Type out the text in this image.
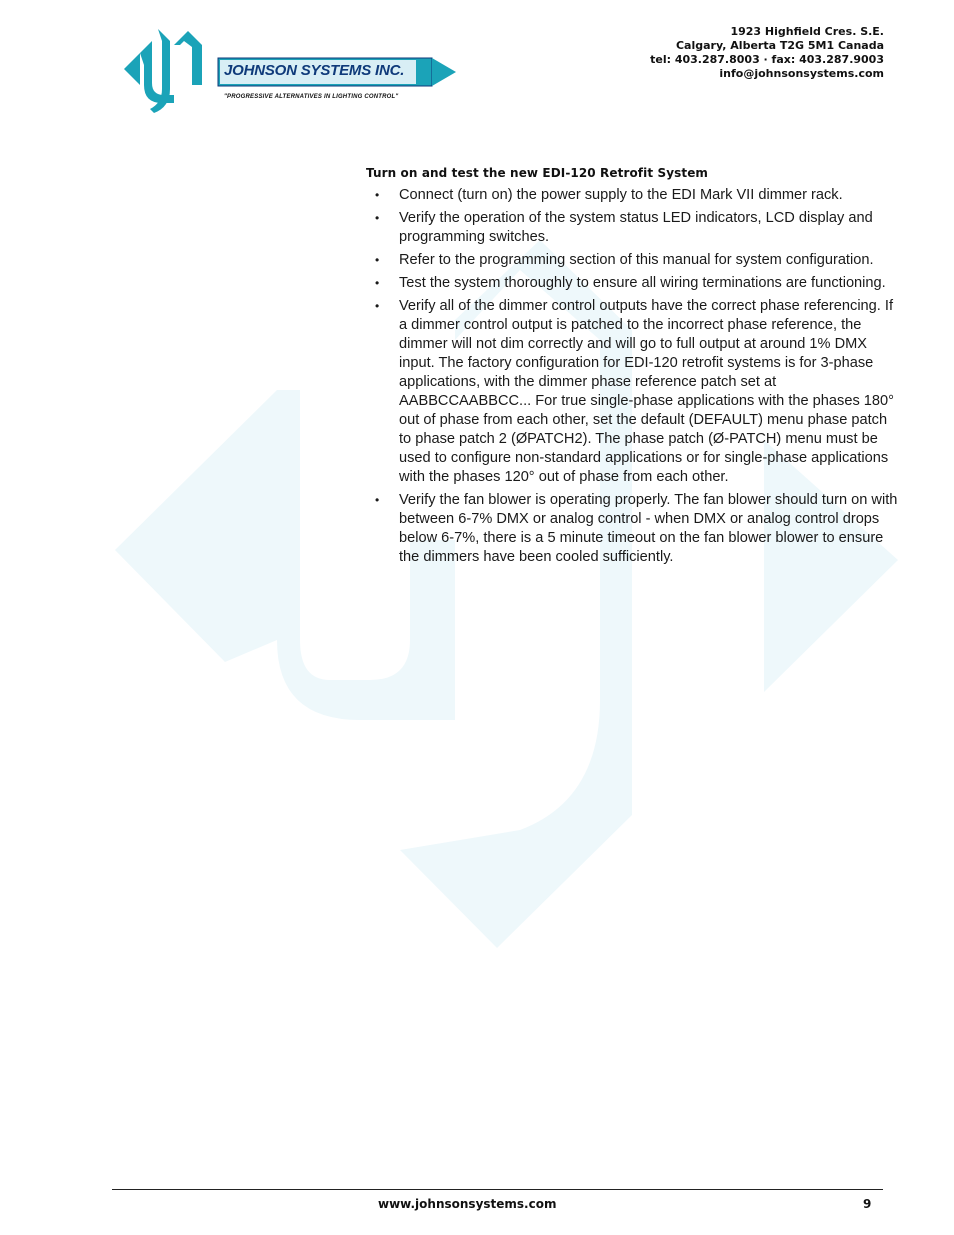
JOHNSON SYSTEMS INC.
"PROGRESSIVE ALTERNATIVES IN LIGHTING CONTROL"
1923 Highfield Cres. S.E.
Calgary, Alberta T2G 5M1 Canada
tel: 403.287.8003 · fax: 403.287.9003
info@johnsonsystems.com
Turn on and test the new EDI-120 Retrofit System
• Connect (turn on) the power supply to the EDI Mark VII dimmer rack.
• Verify the operation of the system status LED indicators, LCD display and programming switches.
• Refer to the programming section of this manual for system configuration.
• Test the system thoroughly to ensure all wiring terminations are functioning.
• Verify all of the dimmer control outputs have the correct phase referencing. If a dimmer control output is patched to the incorrect phase reference, the dimmer will not dim correctly and will go to full output at around 1% DMX input. The factory configuration for EDI-120 retrofit systems is for 3-phase applications, with the dimmer phase reference patch set at AABBCCAABBCC... For true single-phase applications with the phases 180° out of phase from each other, set the default (DEFAULT) menu phase patch to phase patch 2 (ØPATCH2). The phase patch (Ø-PATCH) menu must be used to configure non-standard applications or for single-phase applications with the phases 120° out of phase from each other.
• Verify the fan blower is operating properly. The fan blower should turn on with between 6-7% DMX or analog control - when DMX or analog control drops below 6-7%, there is a 5 minute timeout on the fan blower blower to ensure the dimmers have been cooled sufficiently.
www.johnsonsystems.com	9
